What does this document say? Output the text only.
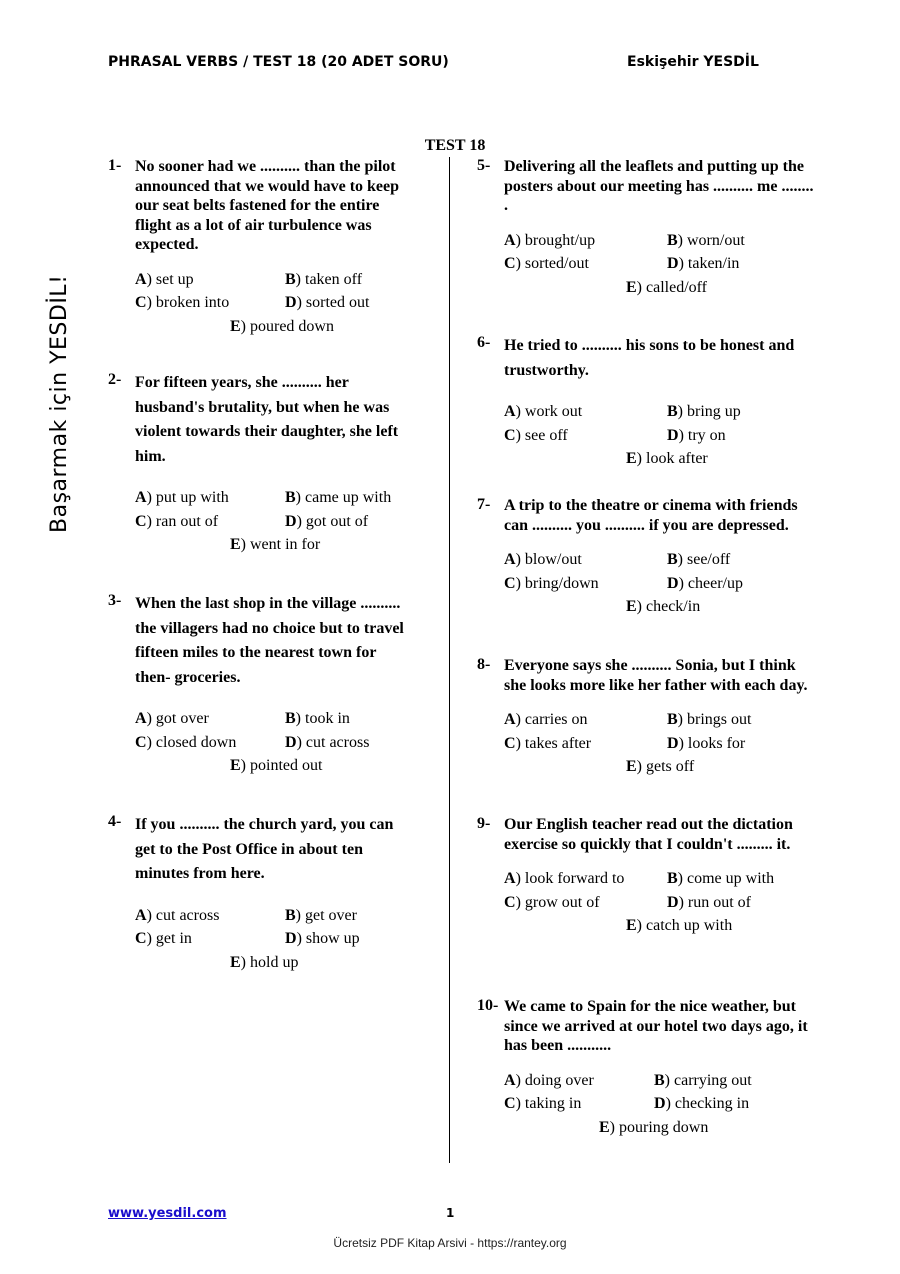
PHRASAL VERBS / TEST 18 (20 ADET SORU)	Eskişehir YESDİL
Başarmak için YESDİL!
TEST 18
1- No sooner had we .......... than the pilot
announced that we would have to keep
our seat belts fastened for the entire
flight as a lot of air turbulence was
expected.
A) set up	B) taken off
C) broken into	D) sorted out
E) poured down
2- For fifteen years, she .......... her
husband's brutality, but when he was
violent towards their daughter, she left
him.
A) put up with	B) came up with
C) ran out of	D) got out of
E) went in for
3- When the last shop in the village ..........
the villagers had no choice but to travel
fifteen miles to the nearest town for
then- groceries.
A) got over	B) took in
C) closed down	D) cut across
E) pointed out
4- If you .......... the church yard, you can
get to the Post Office in about ten
minutes from here.
A) cut across	B) get over
C) get in	D) show up
E) hold up
5- Delivering all the leaflets and putting up the
posters about our meeting has .......... me ........
.
A) brought/up	B) worn/out
C) sorted/out	D) taken/in
E) called/off
6- He tried to .......... his sons to be honest and
trustworthy.
A) work out	B) bring up
C) see off	D) try on
E) look after
7- A trip to the theatre or cinema with friends
can .......... you .......... if you are depressed.
A) blow/out	B) see/off
C) bring/down	D) cheer/up
E) check/in
8- Everyone says she .......... Sonia, but I think
she looks more like her father with each day.
A) carries on	B) brings out
C) takes after	D) looks for
E) gets off
9- Our English teacher read out the dictation
exercise so quickly that I couldn't ......... it.
A) look forward to	B) come up with
C) grow out of	D) run out of
E) catch up with
10- We came to Spain for the nice weather, but
since we arrived at our hotel two days ago, it
has been ...........
A) doing over	B) carrying out
C) taking in	D) checking in
E) pouring down
www.yesdil.com	1
Ücretsiz PDF Kitap Arsivi - https://rantey.org
